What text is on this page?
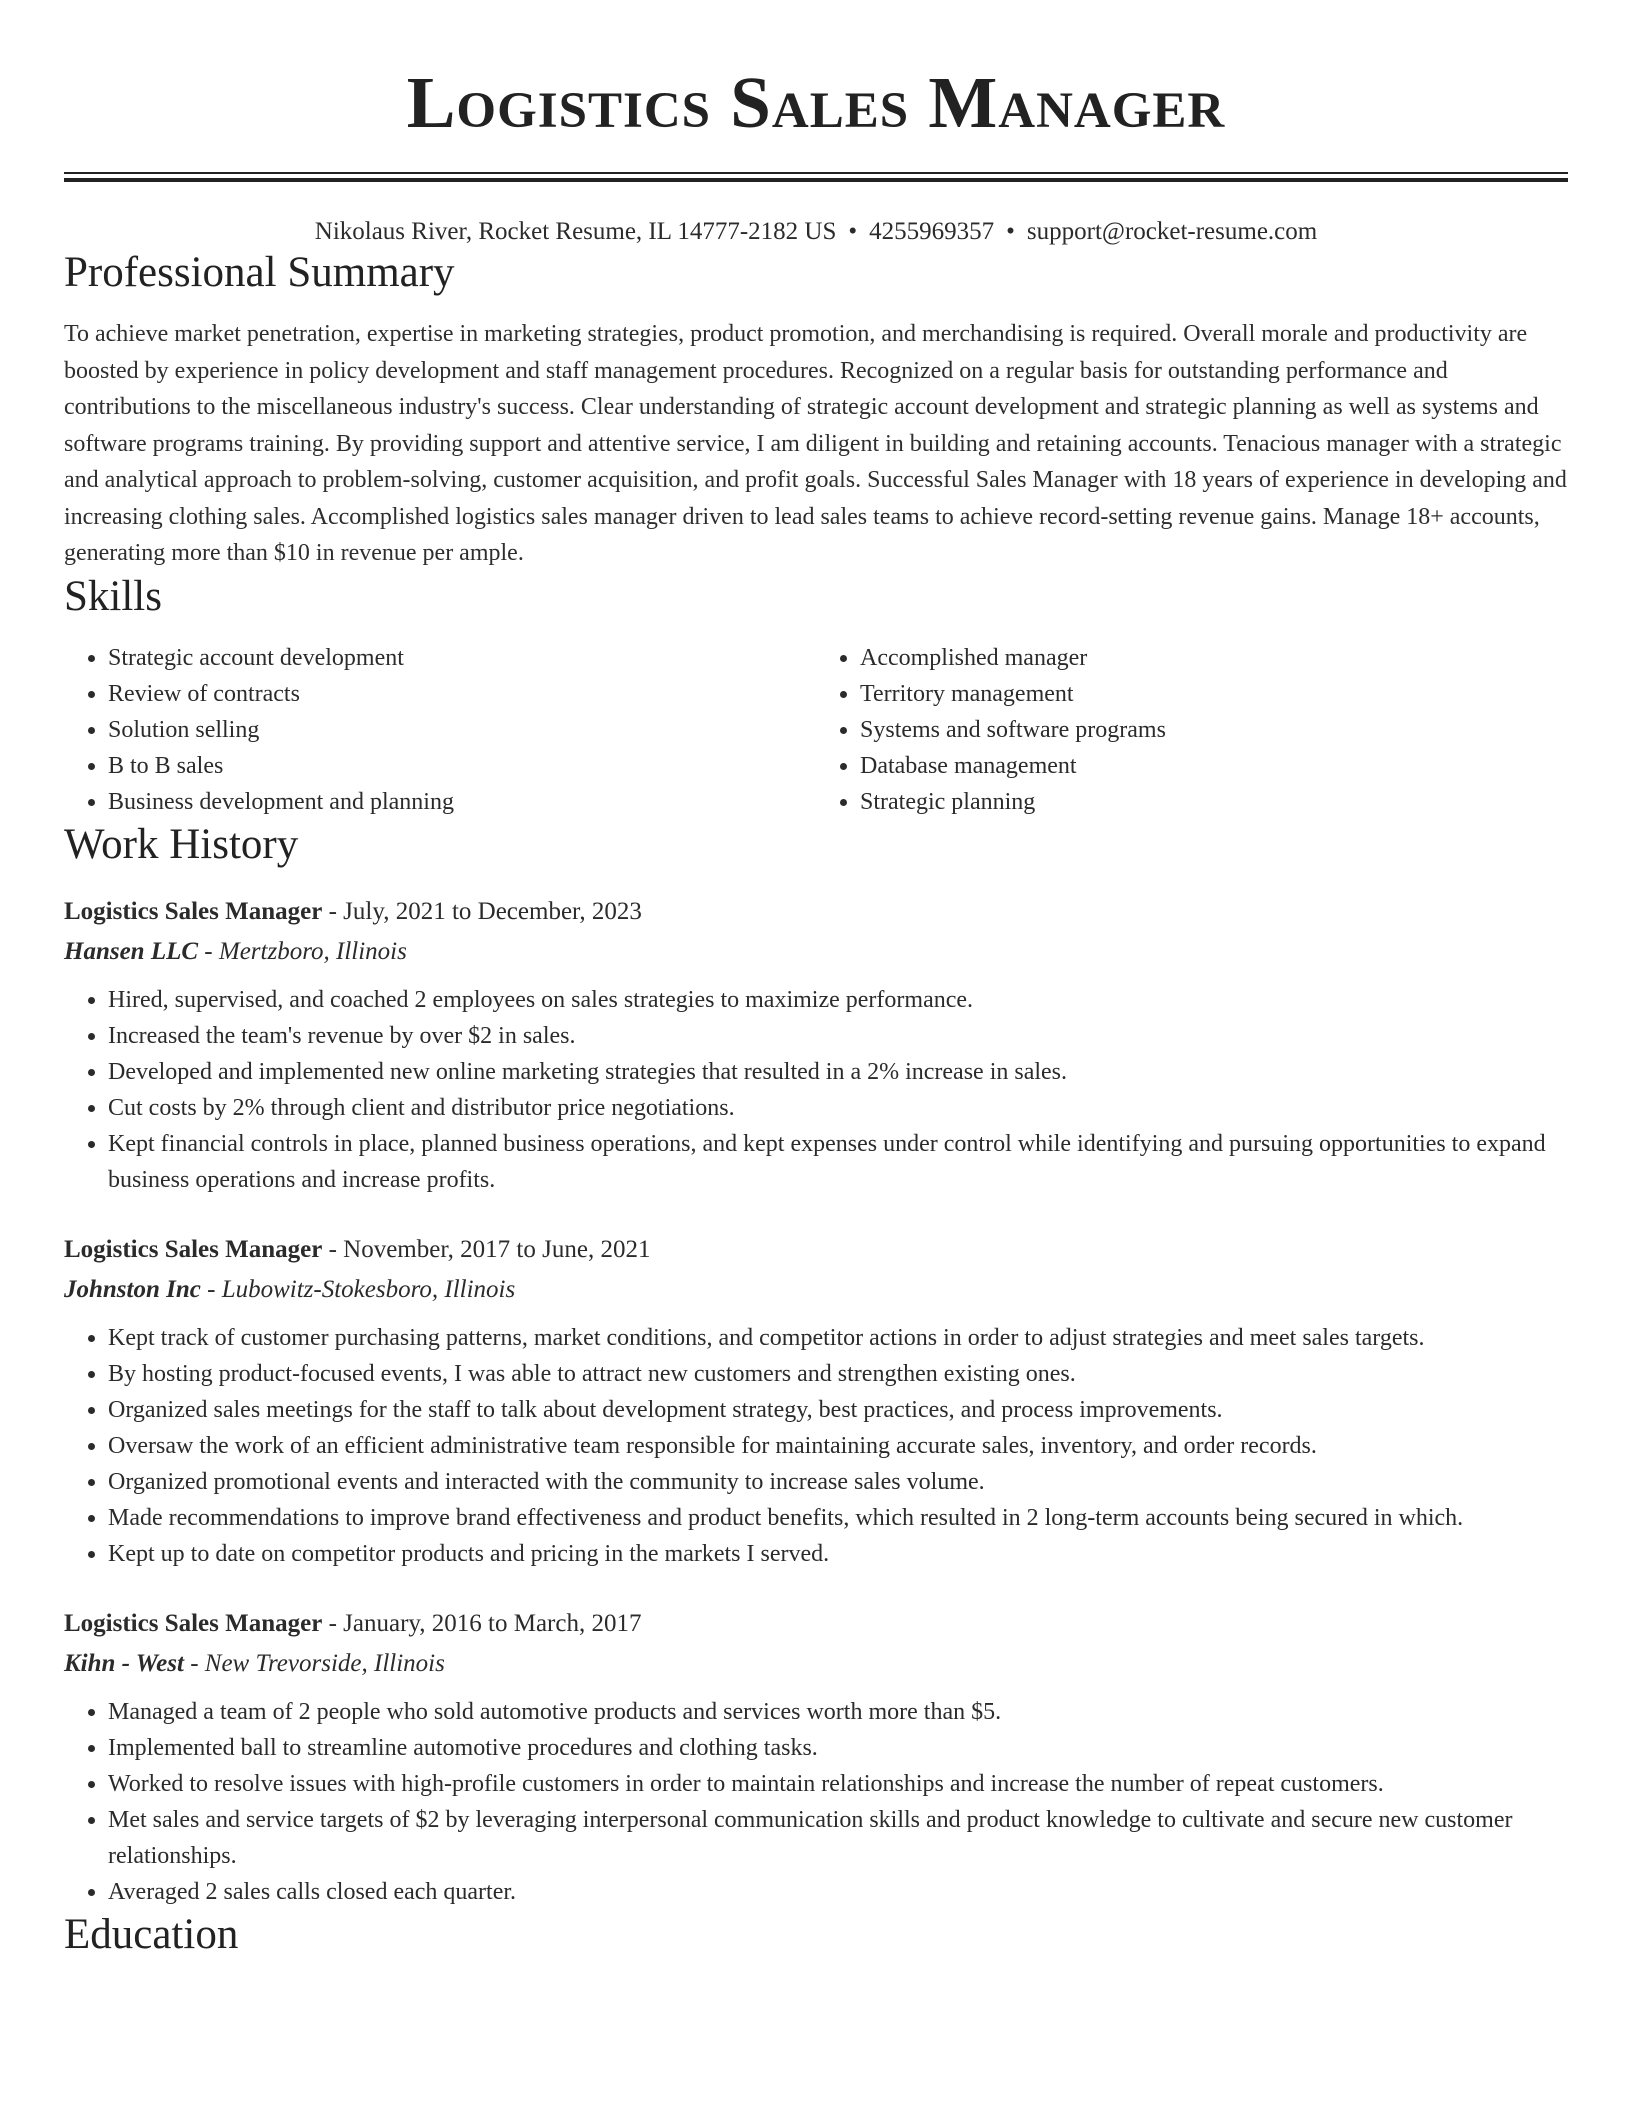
Logistics Sales Manager
Nikolaus River, Rocket Resume, IL 14777-2182 US • 4255969357 • support@rocket-resume.com
Professional Summary

To achieve market penetration, expertise in marketing strategies, product promotion, and merchandising is required. Overall morale and productivity are boosted by experience in policy development and staff management procedures. Recognized on a regular basis for outstanding performance and contributions to the miscellaneous industry's success. Clear understanding of strategic account development and strategic planning as well as systems and software programs training. By providing support and attentive service, I am diligent in building and retaining accounts. Tenacious manager with a strategic and analytical approach to problem-solving, customer acquisition, and profit goals. Successful Sales Manager with 18 years of experience in developing and increasing clothing sales. Accomplished logistics sales manager driven to lead sales teams to achieve record-setting revenue gains. Manage 18+ accounts, generating more than $10 in revenue per ample.

Skills
• Strategic account development
• Review of contracts
• Solution selling
• B to B sales
• Business development and planning
• Accomplished manager
• Territory management
• Systems and software programs
• Database management
• Strategic planning
Work History
Logistics Sales Manager - July, 2021 to December, 2023
Hansen LLC - Mertzboro, Illinois
• Hired, supervised, and coached 2 employees on sales strategies to maximize performance.
• Increased the team's revenue by over $2 in sales.
• Developed and implemented new online marketing strategies that resulted in a 2% increase in sales.
• Cut costs by 2% through client and distributor price negotiations.
• Kept financial controls in place, planned business operations, and kept expenses under control while identifying and pursuing opportunities to expand business operations and increase profits.
Logistics Sales Manager - November, 2017 to June, 2021
Johnston Inc - Lubowitz-Stokesboro, Illinois
• Kept track of customer purchasing patterns, market conditions, and competitor actions in order to adjust strategies and meet sales targets.
• By hosting product-focused events, I was able to attract new customers and strengthen existing ones.
• Organized sales meetings for the staff to talk about development strategy, best practices, and process improvements.
• Oversaw the work of an efficient administrative team responsible for maintaining accurate sales, inventory, and order records.
• Organized promotional events and interacted with the community to increase sales volume.
• Made recommendations to improve brand effectiveness and product benefits, which resulted in 2 long-term accounts being secured in which.
• Kept up to date on competitor products and pricing in the markets I served.
Logistics Sales Manager - January, 2016 to March, 2017
Kihn - West - New Trevorside, Illinois
• Managed a team of 2 people who sold automotive products and services worth more than $5.
• Implemented ball to streamline automotive procedures and clothing tasks.
• Worked to resolve issues with high-profile customers in order to maintain relationships and increase the number of repeat customers.
• Met sales and service targets of $2 by leveraging interpersonal communication skills and product knowledge to cultivate and secure new customer relationships.
• Averaged 2 sales calls closed each quarter.
Education
